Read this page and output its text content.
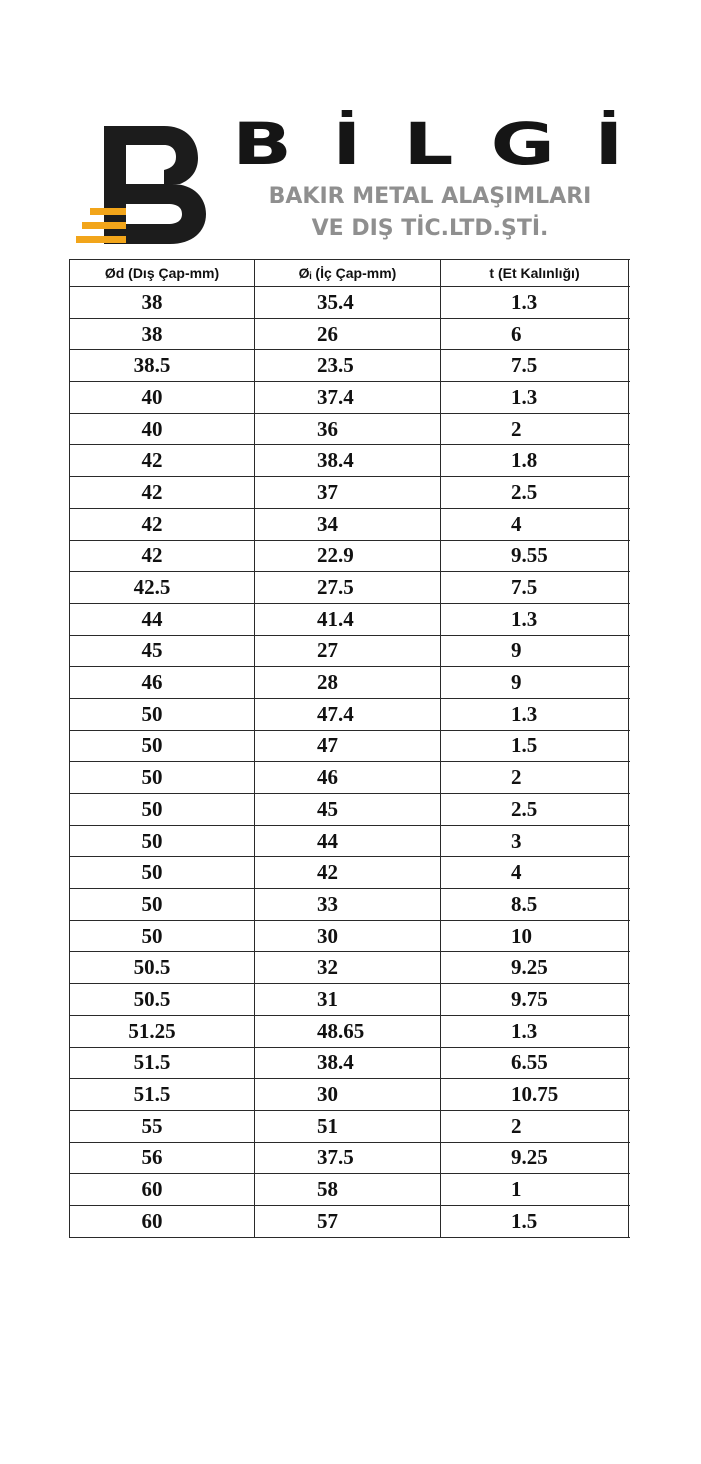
B İ L G İ
BAKIR METAL ALAŞIMLARI
VE DIŞ TİC.LTD.ŞTİ.
Ød (Dış Çap-mm)	Øᵢ (İç Çap-mm)	t (Et Kalınlığı)
38	35.4	1.3
38	26	6
38.5	23.5	7.5
40	37.4	1.3
40	36	2
42	38.4	1.8
42	37	2.5
42	34	4
42	22.9	9.55
42.5	27.5	7.5
44	41.4	1.3
45	27	9
46	28	9
50	47.4	1.3
50	47	1.5
50	46	2
50	45	2.5
50	44	3
50	42	4
50	33	8.5
50	30	10
50.5	32	9.25
50.5	31	9.75
51.25	48.65	1.3
51.5	38.4	6.55
51.5	30	10.75
55	51	2
56	37.5	9.25
60	58	1
60	57	1.5
